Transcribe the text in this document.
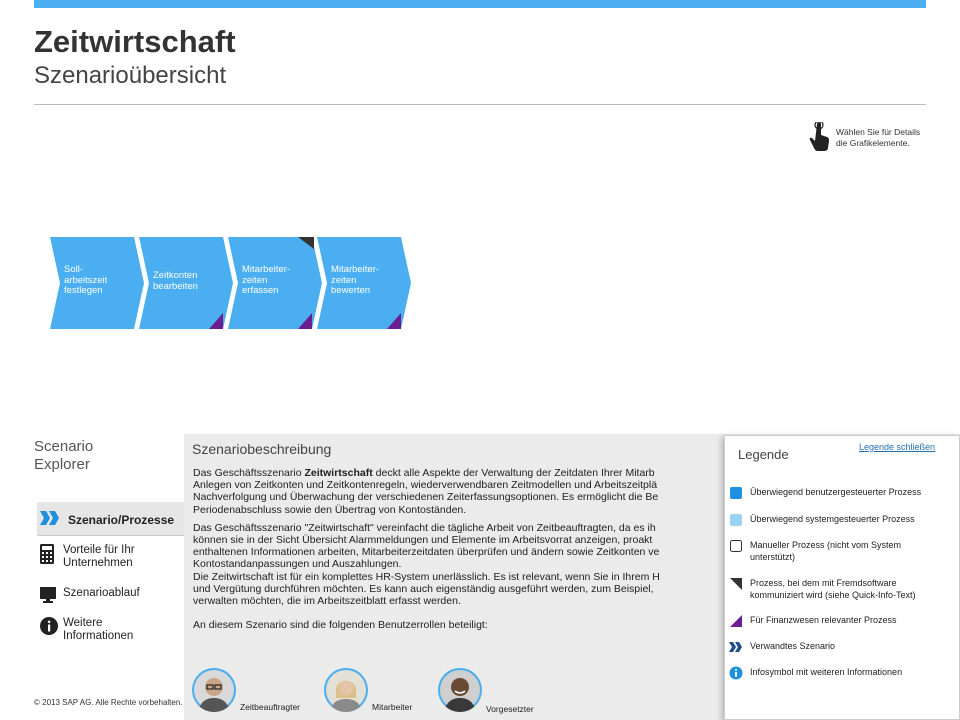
Zeitwirtschaft
Szenarioübersicht
Wählen Sie für Details
die Grafikelemente.
Soll-
arbeitszeit
festlegen
Zeitkonten
bearbeiten
Mitarbeiter-
zeiten
erfassen
Mitarbeiter-
zeiten
bewerten
Scenario
Explorer
Szenario/Prozesse
Vorteile für Ihr
Unternehmen
Szenarioablauf
Weitere
Informationen
© 2013 SAP AG. Alle Rechte vorbehalten.
Szenariobeschreibung

Das Geschäftsszenario Zeitwirtschaft deckt alle Aspekte der Verwaltung der Zeitdaten Ihrer Mitarb

Anlegen von Zeitkonten und Zeitkontenregeln, wiederverwendbaren Zeitmodellen und Arbeitszeitplä

Nachverfolgung und Überwachung der verschiedenen Zeiterfassungsoptionen. Es ermöglicht die Be

Periodenabschluss sowie den Übertrag von Kontoständen.

Das Geschäftsszenario "Zeitwirtschaft" vereinfacht die tägliche Arbeit von Zeitbeauftragten, da es ih

können sie in der Sicht Übersicht Alarmmeldungen und Elemente im Arbeitsvorrat anzeigen, proakt

enthaltenen Informationen arbeiten, Mitarbeiterzeitdaten überprüfen und ändern sowie Zeitkonten ve

Kontostandanpassungen und Auszahlungen.

Die Zeitwirtschaft ist für ein komplettes HR-System unerlässlich. Es ist relevant, wenn Sie in Ihrem H

und Vergütung durchführen möchten. Es kann auch eigenständig ausgeführt werden, zum Beispiel,

verwalten möchten, die im Arbeitszeitblatt erfasst werden.

An diesem Szenario sind die folgenden Benutzerrollen beteiligt:

Zeitbeauftragter	Mitarbeiter	Vorgesetzter
Legende	Legende schließen
Überwiegend benutzergesteuerter Prozess
Überwiegend systemgesteuerter Prozess
Manueller Prozess (nicht vom System
unterstützt)
Prozess, bei dem mit Fremdsoftware
kommuniziert wird (siehe Quick-Info-Text)
Für Finanzwesen relevanter Prozess
Verwandtes Szenario
Infosymbol mit weiteren Informationen
